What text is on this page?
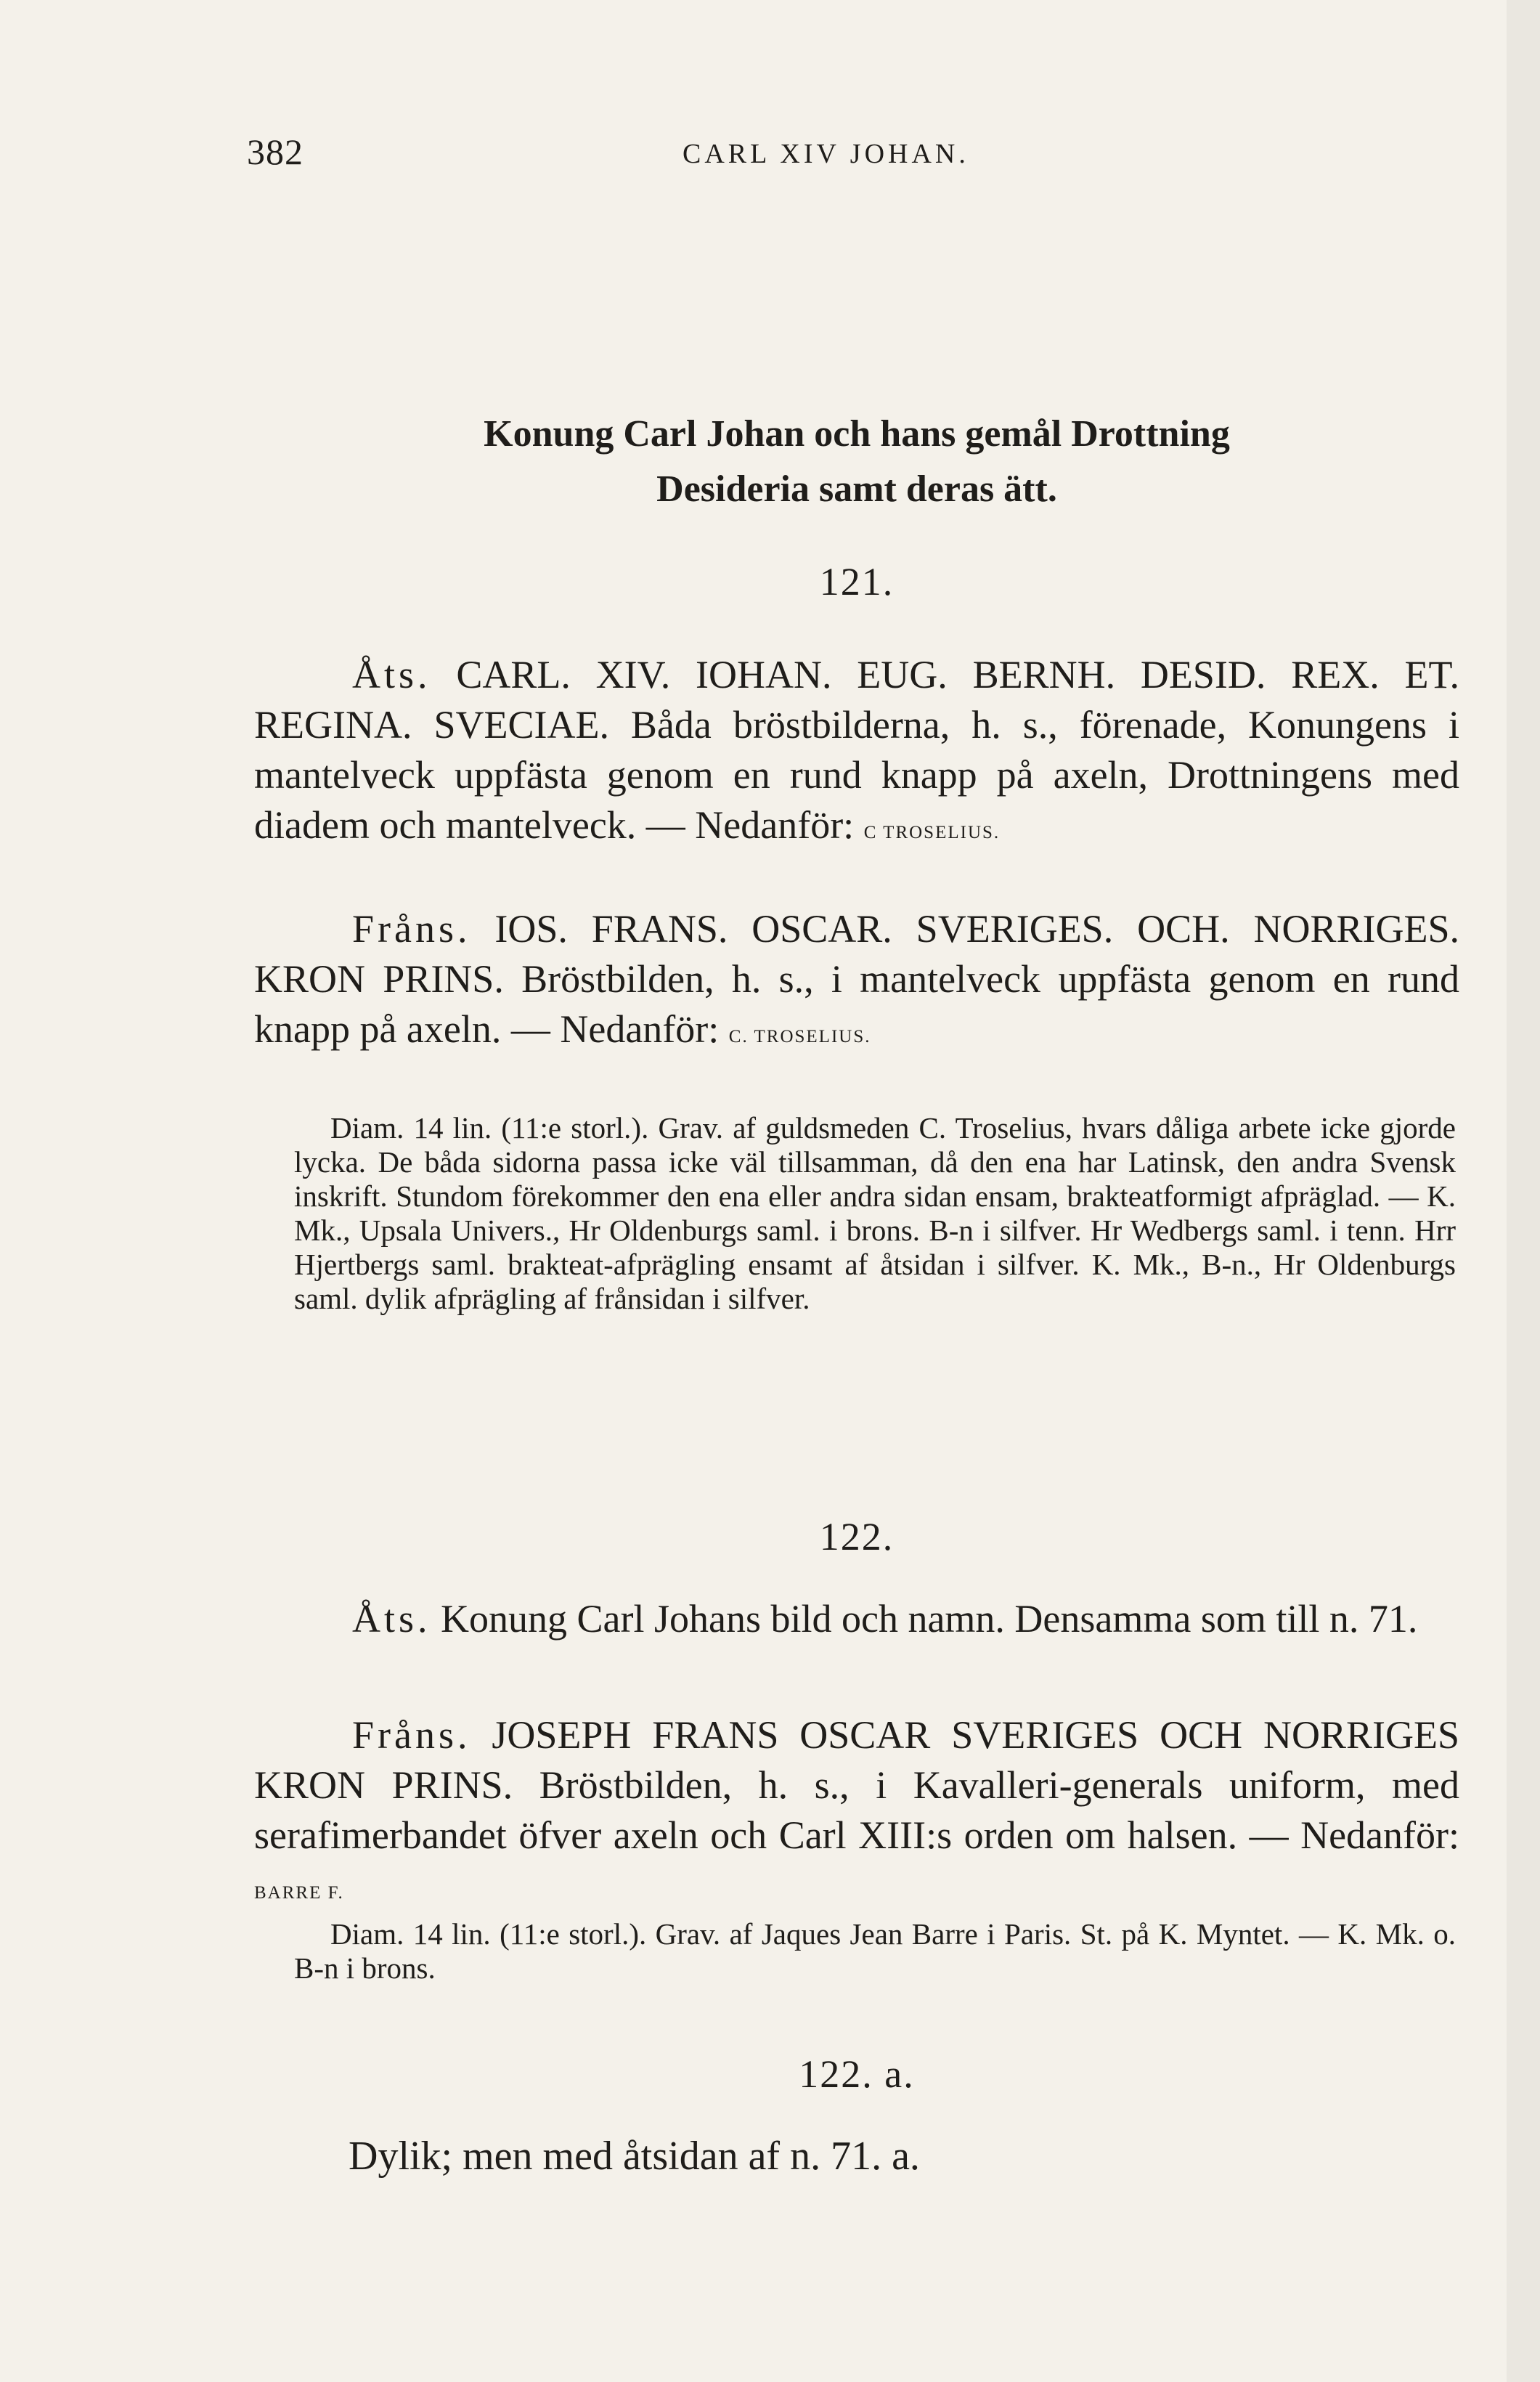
382	CARL XIV JOHAN.
Konung Carl Johan och hans gemål Drottning
Desideria samt deras ätt.
121.
Åts. CARL. XIV. IOHAN. EUG. BERNH. DESID. REX. ET. REGINA. SVECIAE. Båda bröstbilderna, h. s., förenade, Konungens i mantelveck uppfästa genom en rund knapp på axeln, Drottningens med diadem och mantelveck. — Nedanför: C TROSELIUS.
Fråns. IOS. FRANS. OSCAR. SVERIGES. OCH. NORRIGES. KRON PRINS. Bröstbilden, h. s., i mantelveck uppfästa genom en rund knapp på axeln. — Nedanför: C. TROSELIUS.
Diam. 14 lin. (11:e storl.). Grav. af guldsmeden C. Troselius, hvars dåliga arbete icke gjorde lycka. De båda sidorna passa icke väl tillsamman, då den ena har Latinsk, den andra Svensk inskrift. Stundom förekommer den ena eller andra sidan ensam, brakteatformigt afpräglad. — K. Mk., Upsala Univers., Hr Oldenburgs saml. i brons. B-n i silfver. Hr Wedbergs saml. i tenn. Hrr Hjertbergs saml. brakteat-afprägling ensamt af åtsidan i silfver. K. Mk., B-n., Hr Oldenburgs saml. dylik afprägling af frånsidan i silfver.
122.
Åts. Konung Carl Johans bild och namn. Densamma som till n. 71.
Fråns. JOSEPH FRANS OSCAR SVERIGES OCH NORRIGES KRON PRINS. Bröstbilden, h. s., i Kavalleri-generals uniform, med serafimerbandet öfver axeln och Carl XIII:s orden om halsen. — Nedanför: BARRE F.
Diam. 14 lin. (11:e storl.). Grav. af Jaques Jean Barre i Paris. St. på K. Myntet. — K. Mk. o. B-n i brons.
122. a.
Dylik; men med åtsidan af n. 71. a.
